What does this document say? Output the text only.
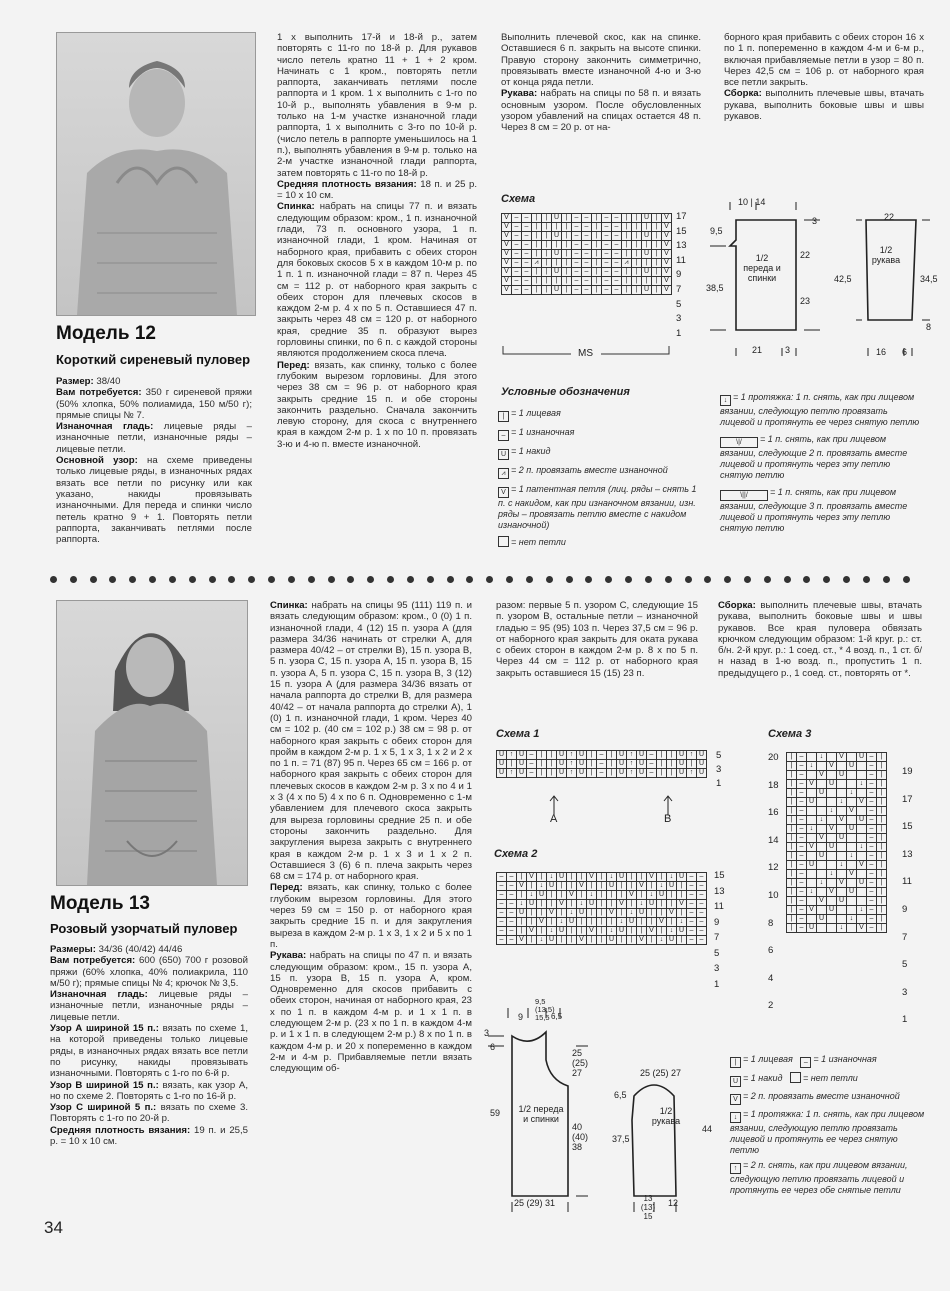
Модель 12
Короткий сиреневый пуловер

Размер: 38/40

Вам потребуется: 350 г сиреневой пряжи (50% хлопка, 50% полиамида, 150 м/50 г); прямые спицы № 7.

Изнаночная гладь: лицевые ряды – изнаночные петли, изнаночные ряды – лицевые петли.

Основной узор: на схеме приведены только лицевые ряды, в изнаночных рядах вязать все петли по рисунку или как указано, накиды провязывать изнаночными. Для переда и спинки число петель кратно 9 + 1. Повторять петли раппорта, заканчивать петлями после раппорта.

1 х выполнить 17-й и 18-й р., затем повторять с 11-го по 18-й р. Для рукавов число петель кратно 11 + 1 + 2 кром. Начинать с 1 кром., повторять петли раппорта, заканчивать петлями после раппорта и 1 кром. 1 х выполнить с 1-го по 10-й р., выполнять убавления в 9-м р. только на 1-м участке изнаночной глади раппорта, 1 х выполнить с 3-го по 10-й р. (число петель в раппорте уменьшилось на 1 п.), выполнять убавления в 9-м р. только на 2-м участке изнаночной глади раппорта, затем повторять с 11-го по 18-й р.

Средняя плотность вязания: 18 п. и 25 р. = 10 х 10 см.

Спинка: набрать на спицы 77 п. и вязать следующим образом: кром., 1 п. изнаночной глади, 73 п. основного узора, 1 п. изнаночной глади, 1 кром. Начиная от наборного края, прибавить с обеих сторон для боковых скосов 5 х в каждом 10-м р. по 1 п. 1 п. изнаночной глади = 87 п. Через 45 см = 112 р. от наборного края закрыть с обеих сторон для плечевых скосов в каждом 2-м р. 4 х по 5 п. Оставшиеся 47 п. закрыть через 48 см = 120 р. от наборного края, средние 35 п. образуют вырез горловины спинки, по 6 п. с каждой стороны являются продолжением скоса плеча.

Перед: вязать, как спинку, только с более глубоким вырезом горловины. Для этого через 38 см = 96 р. от наборного края закрыть средние 15 п. и обе стороны закончить раздельно. Сначала закончить левую сторону, для скоса с внутреннего края в каждом 2-м р. 1 х по 10 п. провязать 3-ю и 4-ю п. вместе изнаночной.

Выполнить плечевой скос, как на спинке. Оставшиеся 6 п. закрыть на высоте спинки. Правую сторону закончить симметрично, провязывать вместе изнаночной 4-ю и 3-ю от конца ряда петли.

Рукава: набрать на спицы по 58 п. и вязать основным узором. После обусловленных узором убавлений на спицах остается 48 п. Через 8 см = 20 р. от на-

борного края прибавить с обеих сторон 16 х по 1 п. попеременно в каждом 4-м и 6-м р., включая прибавляемые петли в узор = 80 п. Через 42,5 см = 106 р. от наборного края все петли закрыть.

Сборка: выполнить плечевые швы, втачать рукава, выполнить боковые швы и швы рукавов.

Схема
V	–	–	|	|	U	|	–	–	|	–	–	|	|	U	|	V
V	–	–	|	|	|	|	–	–	|	–	–	|	|	|	|	V
V	–	–	|	|	U	|	–	–	|	–	–	|	|	U	|	V
V	–	–	|	|	|	|	–	–	|	–	–	|	|	|	|	V
V	–	–	|	|	U	|	–	–	|	–	–	|	|	U	|	V
V	–	–	⩘	|	|	|	–	–	|	–	–	⩘	|	|	|	V
V	–	–	|	|	U	|	–	–	|	–	–	|	|	U	|	V
V	–	–	|	|	|	|	–	–	|	–	–	|	|	|	|	V
V	–	–	|	|	U	|	–	–	|	–	–	|	|	U	|	V
17
15
13
11
9
7
5
3
1
MS
Условные обозначения
| = 1 лицевая
– = 1 изнаночная
U = 1 накид
⩘ = 2 п. провязать вместе изнаночной
V = 1 патентная петля (лиц. ряды – снять 1 п. с накидом, как при изнаночном вязании, изн. ряды – провязать петлю вместе с накидом изнаночной)
= нет петли
↓ = 1 протяжка: 1 п. снять, как при лицевом вязании, следующую петлю провязать лицевой и протянуть ее через снятую петлю
\|/ = 1 п. снять, как при лицевом вязании, следующие 2 п. провязать вместе лицевой и протянуть через эту петлю снятую петлю
\||/ = 1 п. снять, как при лицевом вязании, следующие 3 п. провязать вместе лицевой и протянуть через эту петлю снятую петлю
10 | 14
9,5
3
1/2 переда и спинки
22
38,5
23
21	3
22
1/2 рукава
42,5	34,5
8
16 6
Модель 13
Розовый узорчатый пуловер

Размеры: 34/36 (40/42) 44/46

Вам потребуется: 600 (650) 700 г розовой пряжи (60% хлопка, 40% полиакрила, 110 м/50 г); прямые спицы № 4; крючок № 3,5.

Изнаночная гладь: лицевые ряды – изнаночные петли, изнаночные ряды – лицевые петли.

Узор А шириной 15 п.: вязать по схеме 1, на которой приведены только лицевые ряды, в изнаночных рядах вязать все петли по рисунку, накиды провязывать изнаночными. Повторять с 1-го по 6-й р.

Узор В шириной 15 п.: вязать, как узор А, но по схеме 2. Повторять с 1-го по 16-й р.

Узор С шириной 5 п.: вязать по схеме 3. Повторять с 1-го по 20-й р.

Средняя плотность вязания: 19 п. и 25,5 р. = 10 х 10 см.

Спинка: набрать на спицы 95 (111) 119 п. и вязать следующим образом: кром., 0 (0) 1 п. изнаночной глади, 4 (12) 15 п. узора А (для размера 34/36 начинать от стрелки А, для размера 40/42 – от стрелки В), 15 п. узора В, 5 п. узора С, 15 п. узора А, 15 п. узора В, 15 п. узора А, 5 п. узора С, 15 п. узора В, 3 (12) 15 п. узора А (для размера 34/36 вязать от начала раппорта до стрелки В, для размера 40/42 – от начала раппорта до стрелки А), 1 (0) 1 п. изнаночной глади, 1 кром. Через 40 см = 102 р. (40 см = 102 р.) 38 см = 98 р. от наборного края закрыть с обеих сторон для пройм в каждом 2-м р. 1 х 5, 1 х 3, 1 х 2 и 2 х по 1 п. = 71 (87) 95 п. Через 65 см = 166 р. от наборного края закрыть с обеих сторон для плечевых скосов в каждом 2-м р. 3 х по 4 и 1 х 3 (4 х по 5) 4 х по 6 п. Одновременно с 1-м убавлением для плечевого скоса закрыть для выреза горловины средние 25 п. и обе стороны закончить раздельно. Для закругления выреза закрыть с внутреннего края в каждом 2-м р. 1 х 3 и 1 х 2 п. Оставшиеся 3 (6) 6 п. плеча закрыть через 68 см = 174 р. от наборного края.

Перед: вязать, как спинку, только с более глубоким вырезом горловины. Для этого через 59 см = 150 р. от наборного края закрыть средние 15 п. и для закругления выреза в каждом 2-м р. 1 х 3, 1 х 2 и 5 х по 1 п.

Рукава: набрать на спицы по 47 п. и вязать следующим образом: кром., 15 п. узора А, 15 п. узора В, 15 п. узора А, кром. Одновременно для скосов прибавить с обеих сторон, начиная от наборного края, 23 х по 1 п. в каждом 4-м р. и 1 х 1 п. в следующем 2-м р. (23 х по 1 п. в каждом 4-м р. и 1 х 1 п. в следующем 2-м р.) 8 х по 1 п. в каждом 4-м р. и 20 х попеременно в каждом 2-м и 4-м р. Прибавляемые петли вязать следующим об-

разом: первые 5 п. узором С, следующие 15 п. узором В, остальные петли – изнаночной гладью = 95 (95) 103 п. Через 37,5 см = 96 р. от наборного края закрыть для оката рукава с обеих сторон в каждом 2-м р. 8 х по 5 п. Через 44 см = 112 р. от наборного края закрыть оставшиеся 15 (15) 23 п.

Сборка: выполнить плечевые швы, втачать рукава, выполнить боковые швы и швы рукавов. Все края пуловера обвязать крючком следующим образом: 1-й круг. р.: ст. б/н. 2-й круг. р.: 1 соед. ст., * 4 возд. п., 1 ст. б/н назад в 1-ю возд. п., пропустить 1 п. предыдущего р., 1 соед. ст., повторять от *.

Схема 1
U	↑	U	–	|	|	U	↑	U	|	–	|	U	↑	U	–	|	|	U	↑	U
U	|	U	–	|	|	U	↑	U	|	–	|	U	↑	U	–	|	|	U	|	U
U	↑	U	–	|	|	U	↑	U	|	–	|	U	↑	U	–	|	|	U	↑	U
5
3
1
A	B
Схема 2
–	–	|	V	|	↓	U	|	|	V	|	↓	U	|	|	V	|	↓	U	–	–
–	–	V	|	↓	U	|	|	V	|	|	U	|	|	V	|	↓	U	|	–	–
–	–	|	↓	U	|	|	V	|	↓	|	|	|	V	|	↓	U	|	|	–	–
–	–	↓	U	|	|	V	|	↓	U	|	|	V	|	↓	U	|	|	V	–	–
–	–	U	|	|	V	|	↓	U	|	|	V	|	↓	U	|	|	V	|	–	–
–	–	|	|	V	|	↓	U	|	|	|	|	↓	U	|	|	V	|	↓	–	–
–	–	|	V	|	↓	U	|	|	V	|	↓	U	|	|	V	|	↓	U	–	–
–	–	V	|	↓	U	|	|	V	|	|	U	|	|	V	|	↓	U	|	–	–
15
13
11
9
7
5
3
1
Схема 3
|	–		↓		V		U	–	|
|	–	↓		V		U		–	|
|	–		V		U			–	|
|	–	V		U			↓	–	|
|	–		U			↓		–	|
|	–	U			↓		V	–	|
|	–			↓		V		–	|
|	–		↓		V		U	–	|
|	–	↓		V		U		–	|
|	–		V		U			–	|
|	–	V		U			↓	–	|
|	–		U			↓		–	|
|	–	U			↓		V	–	|
|	–			↓		V		–	|
|	–		↓		V		U	–	|
|	–	↓		V		U		–	|
|	–		V		U			–	|
|	–	V		U			↓	–	|
|	–		U			↓		–	|
|	–	U			↓		V	–	|
20
18
16
14
12
10
8
6
4
2
19
17
15
13
11
9
7
5
3
1
| = 1 лицевая – = 1 изнаночная
U = 1 накид = нет петли
V = 2 п. провязать вместе изнаночной
↓ = 1 протяжка: 1 п. снять, как при лицевом вязании, следующую петлю провязать лицевой и протянуть ее через снятую петлю
↑ = 2 п. снять, как при лицевом вязании, следующую петлю провязать лицевой и протянуть ее через обе снятые петли
9
9,5 (13,5) 15,5 6,5
3
6
25 (25) 27
1/2 переда и спинки
59
40 (40) 38
25 (29) 31
25 (25) 27
6,5
1/2 рукава
37,5
44
13 (13) 15
12
34
